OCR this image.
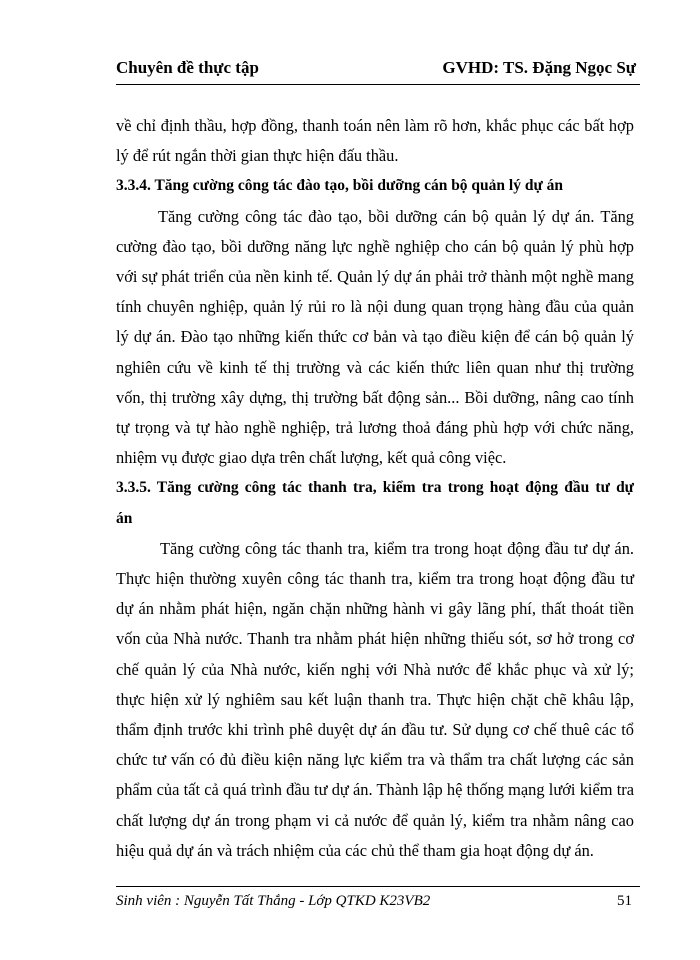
Chuyên đề thực tập	GVHD: TS. Đặng Ngọc Sự

về chỉ định thầu, hợp đồng, thanh toán nên làm rõ hơn, khắc phục các bất hợp lý để rút ngắn thời gian thực hiện đấu thầu.

3.3.4. Tăng cường công tác đào tạo, bồi dưỡng cán bộ quản lý dự án

Tăng cường công tác đào tạo, bồi dưỡng cán bộ quản lý dự án. Tăng cường đào tạo, bồi dưỡng năng lực nghề nghiệp cho cán bộ quản lý phù hợp với sự phát triển của nền kinh tế. Quản lý dự án phải trở thành một nghề mang tính chuyên nghiệp, quản lý rủi ro là nội dung quan trọng hàng đầu của quản lý dự án. Đào tạo những kiến thức cơ bản và tạo điều kiện để cán bộ quản lý nghiên cứu về kinh tế thị trường và các kiến thức liên quan như thị trường vốn, thị trường xây dựng, thị trường bất động sản... Bồi dưỡng, nâng cao tính tự trọng và tự hào nghề nghiệp, trả lương thoả đáng phù hợp với chức năng, nhiệm vụ được giao dựa trên chất lượng, kết quả công việc.

3.3.5. Tăng cường công tác thanh tra, kiểm tra trong hoạt động đầu tư dự án

Tăng cường công tác thanh tra, kiểm tra trong hoạt động đầu tư dự án. Thực hiện thường xuyên công tác thanh tra, kiểm tra trong hoạt động đầu tư dự án nhằm phát hiện, ngăn chặn những hành vi gây lãng phí, thất thoát tiền vốn của Nhà nước. Thanh tra nhằm phát hiện những thiếu sót, sơ hở trong cơ chế quản lý của Nhà nước, kiến nghị với Nhà nước để khắc phục và xử lý; thực hiện xử lý nghiêm sau kết luận thanh tra. Thực hiện chặt chẽ khâu lập, thẩm định trước khi trình phê duyệt dự án đầu tư. Sử dụng cơ chế thuê các tổ chức tư vấn có đủ điều kiện năng lực kiểm tra và thẩm tra chất lượng các sản phẩm của tất cả quá trình đầu tư dự án. Thành lập hệ thống mạng lưới kiểm tra chất lượng dự án trong phạm vi cả nước để quản lý, kiểm tra nhằm nâng cao hiệu quả dự án và trách nhiệm của các chủ thể tham gia hoạt động dự án.

Sinh viên : Nguyễn Tất Thắng - Lớp QTKD K23VB2	51
